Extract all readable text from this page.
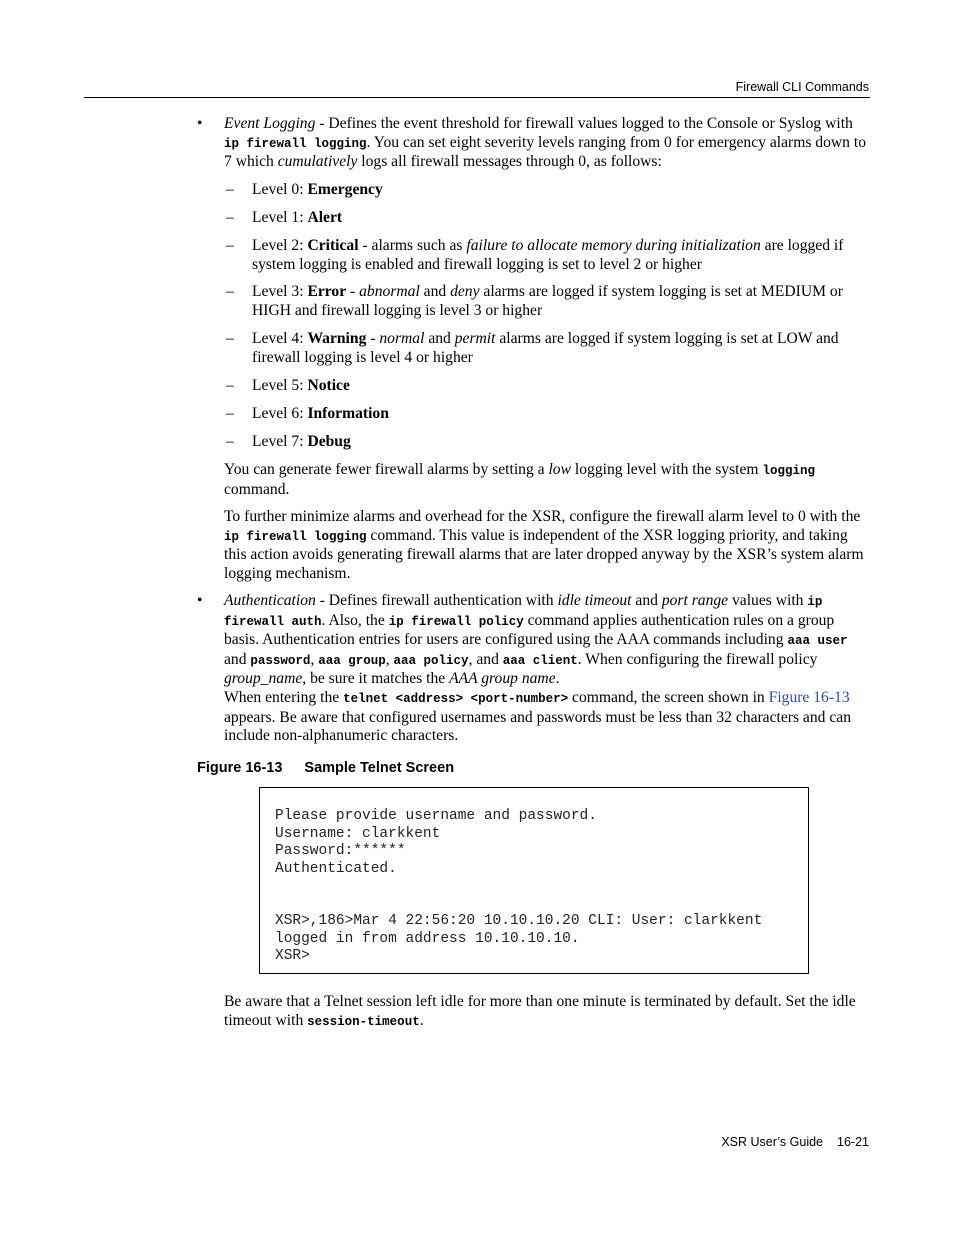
Firewall CLI Commands
• Event Logging - Defines the event threshold for firewall values logged to the Console or Syslog with ip firewall logging. You can set eight severity levels ranging from 0 for emergency alarms down to 7 which cumulatively logs all firewall messages through 0, as follows:
– Level 0: Emergency
– Level 1: Alert
– Level 2: Critical - alarms such as failure to allocate memory during initialization are logged if system logging is enabled and firewall logging is set to level 2 or higher
– Level 3: Error - abnormal and deny alarms are logged if system logging is set at MEDIUM or HIGH and firewall logging is level 3 or higher
– Level 4: Warning - normal and permit alarms are logged if system logging is set at LOW and firewall logging is level 4 or higher
– Level 5: Notice
– Level 6: Information
– Level 7: Debug
You can generate fewer firewall alarms by setting a low logging level with the system logging command.
To further minimize alarms and overhead for the XSR, configure the firewall alarm level to 0 with the ip firewall logging command. This value is independent of the XSR logging priority, and taking this action avoids generating firewall alarms that are later dropped anyway by the XSR’s system alarm logging mechanism.
• Authentication - Defines firewall authentication with idle timeout and port range values with ip firewall auth. Also, the ip firewall policy command applies authentication rules on a group basis. Authentication entries for users are configured using the AAA commands including aaa user and password, aaa group, aaa policy, and aaa client. When configuring the firewall policy group_name, be sure it matches the AAA group name.
When entering the telnet <address> <port-number> command, the screen shown in Figure 16-13 appears. Be aware that configured usernames and passwords must be less than 32 characters and can include non-alphanumeric characters.
Figure 16-13 Sample Telnet Screen
Please provide username and password.
Username: clarkkent
Password:******
Authenticated.

XSR>,186>Mar 4 22:56:20 10.10.10.20 CLI: User: clarkkent
logged in from address 10.10.10.10.
XSR>
Be aware that a Telnet session left idle for more than one minute is terminated by default. Set the idle timeout with session-timeout.
XSR User’s Guide 16-21
